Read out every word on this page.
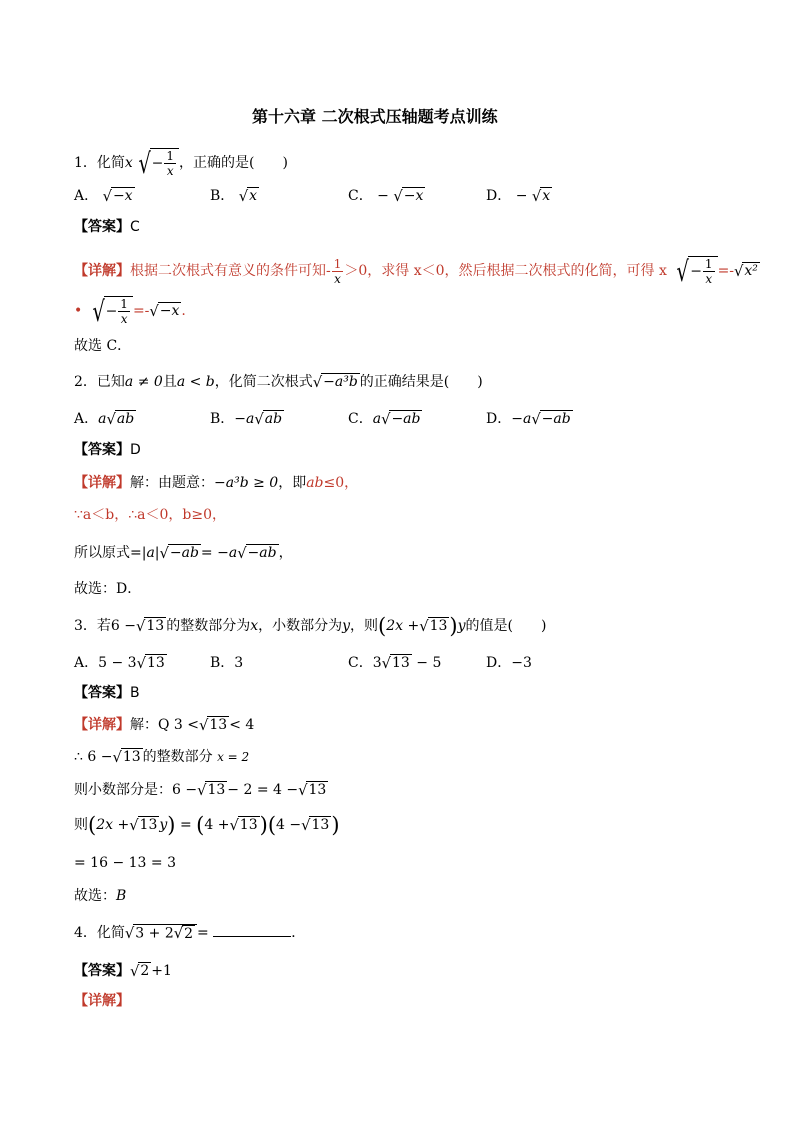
第十六章 二次根式压轴题考点训练
1．化简x √ − $\frac{1}{x}$ ，正确的是(　　)
A． √ −x	B． √ x	C． − √ −x	D． − √ x
【答案】C
【详解】根据二次根式有意义的条件可知- $\frac{1}{x} >0$，求得 x＜0，然后根据二次根式的化简，可得 x √ − $\frac{1}{x}$ =- √ x²
• √ − $\frac{1}{x}$ =- √ −x .
故选 C．
2．已知a ≠ 0且a < b，化简二次根式 √ −a³b 的正确结果是(　　)
A．a √ ab	B．−a √ ab	C．a √ −ab	D．−a √ −ab
【答案】D
【详解】解：由题意：−a³b ≥ 0，即ab≤0，
∵a＜b，∴a＜0，b≥0，
所以原式=|a| √ −ab = −a √ −ab ，
故选：D．
3．若6 − √ 13 的整数部分为x，小数部分为y，则(2x + √ 13 )y的值是(　　)
A．5 − 3 √ 13	B．3	C．3 √ 13 − 5	D．−3
【答案】B
【详解】解：Q 3 < √ 13 < 4
∴ 6 − √ 13 的整数部分 x = 2
则小数部分是：6 − √ 13 − 2 = 4 − √ 13
则(2x + √ 13 y) = (4 + √ 13 )(4 − √ 13 )
= 16 − 13 = 3
故选：B
4．化简 √ 3 + 2 √ 2 =	．
【答案】 √ 2 +1
【详解】
